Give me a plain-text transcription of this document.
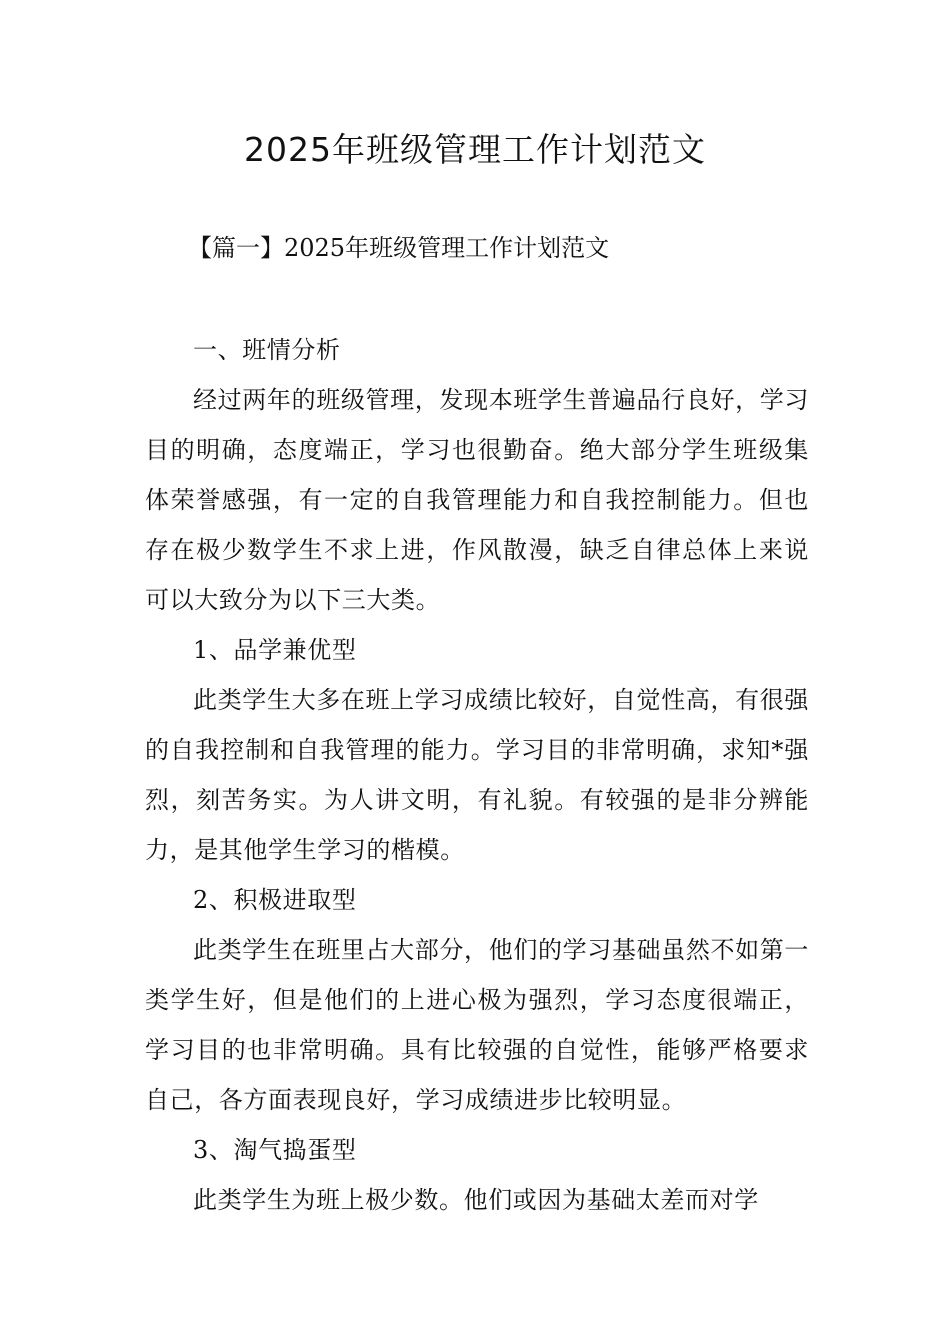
2025年班级管理工作计划范文

【篇一】2025年班级管理工作计划范文

一、班情分析

经过两年的班级管理，发现本班学生普遍品行良好，学习目的明确，态度端正，学习也很勤奋。绝大部分学生班级集体荣誉感强，有一定的自我管理能力和自我控制能力。但也存在极少数学生不求上进，作风散漫，缺乏自律总体上来说可以大致分为以下三大类。

1、品学兼优型

此类学生大多在班上学习成绩比较好，自觉性高，有很强的自我控制和自我管理的能力。学习目的非常明确，求知*强烈，刻苦务实。为人讲文明，有礼貌。有较强的是非分辨能力，是其他学生学习的楷模。

2、积极进取型

此类学生在班里占大部分，他们的学习基础虽然不如第一类学生好，但是他们的上进心极为强烈，学习态度很端正，学习目的也非常明确。具有比较强的自觉性，能够严格要求自己，各方面表现良好，学习成绩进步比较明显。

3、淘气捣蛋型

此类学生为班上极少数。他们或因为基础太差而对学
